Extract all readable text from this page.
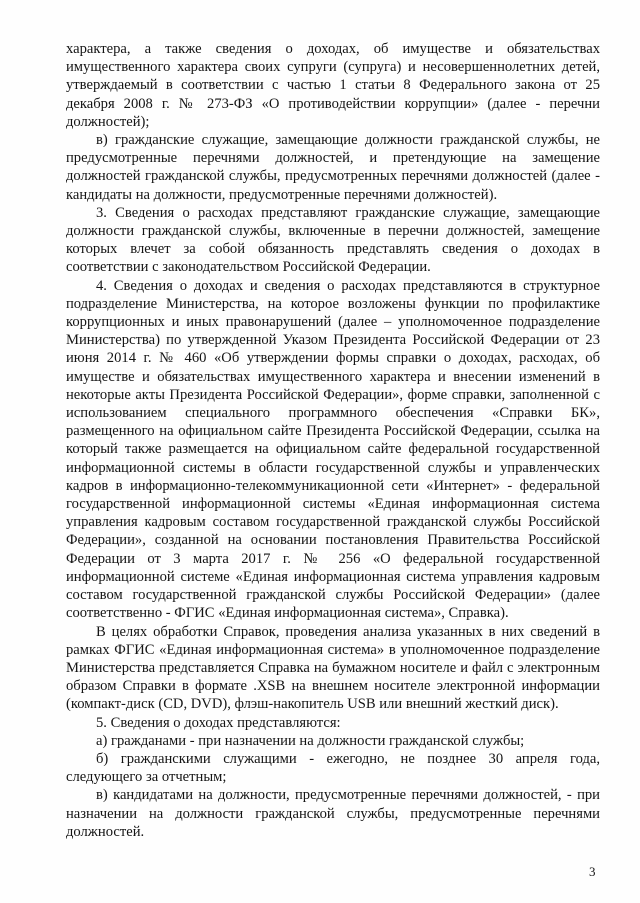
характера, а также сведения о доходах, об имуществе и обязательствах имущественного характера своих супруги (супруга) и несовершеннолетних детей, утверждаемый в соответствии с частью 1 статьи 8 Федерального закона от 25 декабря 2008 г. № 273-ФЗ «О противодействии коррупции» (далее - перечни должностей);

в) гражданские служащие, замещающие должности гражданской службы, не предусмотренные перечнями должностей, и претендующие на замещение должностей гражданской службы, предусмотренных перечнями должностей (далее - кандидаты на должности, предусмотренные перечнями должностей).

3. Сведения о расходах представляют гражданские служащие, замещающие должности гражданской службы, включенные в перечни должностей, замещение которых влечет за собой обязанность представлять сведения о доходах в соответствии с законодательством Российской Федерации.

4. Сведения о доходах и сведения о расходах представляются в структурное подразделение Министерства, на которое возложены функции по профилактике коррупционных и иных правонарушений (далее – уполномоченное подразделение Министерства) по утвержденной Указом Президента Российской Федерации от 23 июня 2014 г. № 460 «Об утверждении формы справки о доходах, расходах, об имуществе и обязательствах имущественного характера и внесении изменений в некоторые акты Президента Российской Федерации», форме справки, заполненной с использованием специального программного обеспечения «Справки БК», размещенного на официальном сайте Президента Российской Федерации, ссылка на который также размещается на официальном сайте федеральной государственной информационной системы в области государственной службы и управленческих кадров в информационно-телекоммуникационной сети «Интернет» - федеральной государственной информационной системы «Единая информационная система управления кадровым составом государственной гражданской службы Российской Федерации», созданной на основании постановления Правительства Российской Федерации от 3 марта 2017 г. № 256 «О федеральной государственной информационной системе «Единая информационная система управления кадровым составом государственной гражданской службы Российской Федерации» (далее соответственно - ФГИС «Единая информационная система», Справка).

В целях обработки Справок, проведения анализа указанных в них сведений в рамках ФГИС «Единая информационная система» в уполномоченное подразделение Министерства представляется Справка на бумажном носителе и файл с электронным образом Справки в формате .XSB на внешнем носителе электронной информации (компакт-диск (CD, DVD), флэш-накопитель USB или внешний жесткий диск).

5. Сведения о доходах представляются:

а) гражданами - при назначении на должности гражданской службы;

б) гражданскими служащими - ежегодно, не позднее 30 апреля года, следующего за отчетным;

в) кандидатами на должности, предусмотренные перечнями должностей, - при назначении на должности гражданской службы, предусмотренные перечнями должностей.

3
